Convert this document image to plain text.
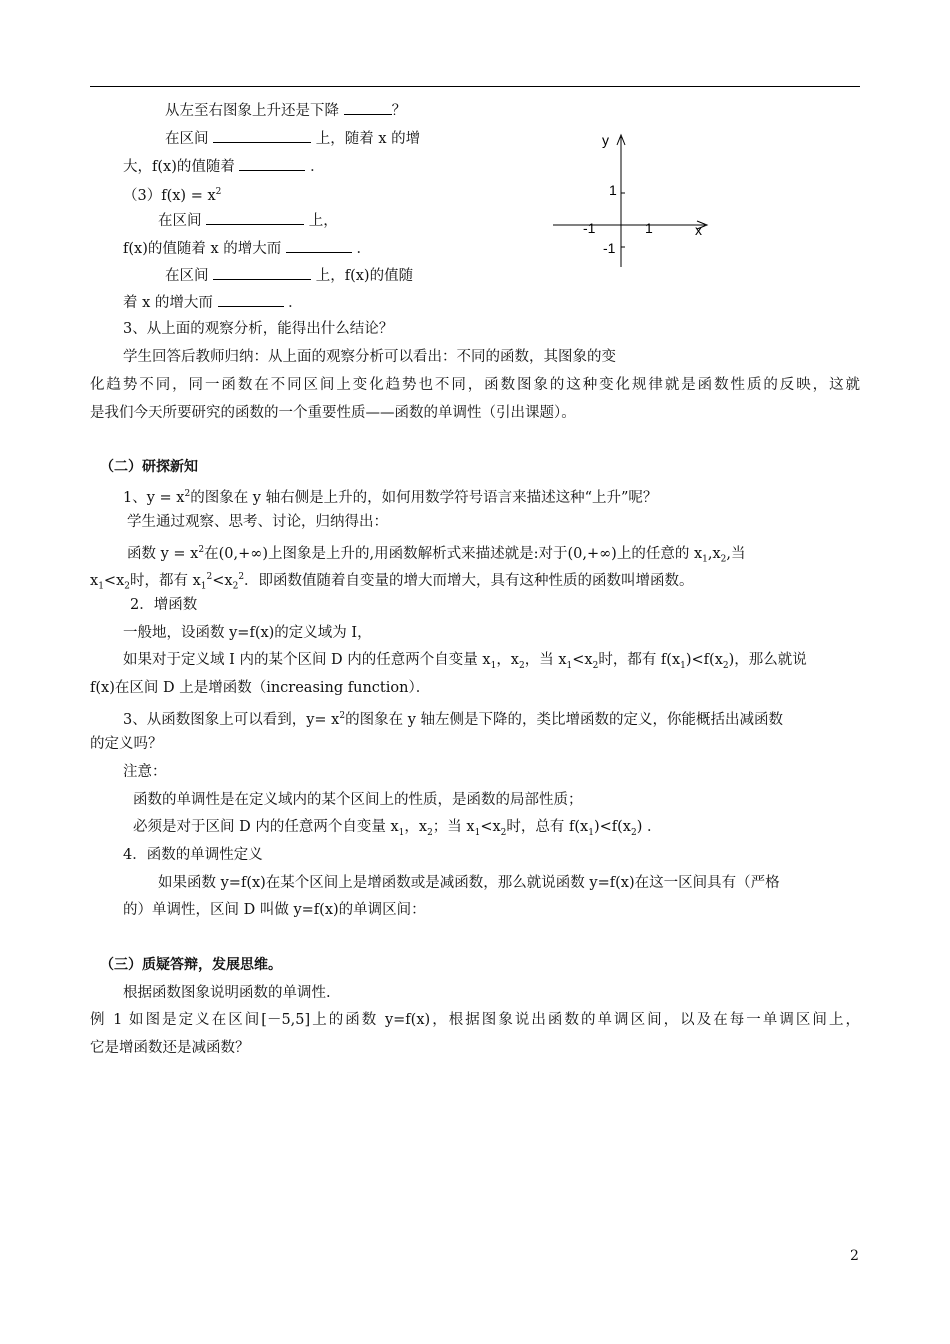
从左至右图象上升还是下降	？
在区间	上，随着 x 的增
大，f(x)的值随着	．
$(3)f(x) = x^2$
在区间	上，
f(x)的值随着 x 的增大而	．
在区间	上，f(x)的值随
着 x 的增大而	．
3、从上面的观察分析，能得出什么结论？
学生回答后教师归纳：从上面的观察分析可以看出：不同的函数，其图象的变
化趋势不同，同一函数在不同区间上变化趋势也不同，函数图象的这种变化规律就是函数性质的反映，这就
是我们今天所要研究的函数的一个重要性质——函数的单调性（引出课题）。
y
x
1
-1
-1	1
（二）研探新知
1、$y = x^2$的图象在 y 轴右侧是上升的，如何用数学符号语言来描述这种“上升”呢？
学生通过观察、思考、讨论，归纳得出：
函数 $y = x^2$在(0,+∞)上图象是上升的,用函数解析式来描述就是:对于(0,+∞)上的任意的 $x_1,x_2$,当
$x_1<x_2$时，都有 $x_1^2<x_2^2$．即函数值随着自变量的增大而增大，具有这种性质的函数叫增函数。
2．增函数
一般地，设函数 y=f(x)的定义域为 I，
如果对于定义域 I 内的某个区间 D 内的任意两个自变量 $x_1$，$x_2$，当 $x_1<x_2$时，都有 $f(x_1)<f(x_2)$，那么就说
f(x)在区间 D 上是增函数（increasing function）．
3、从函数图象上可以看到，$y= x^2$的图象在 y 轴左侧是下降的，类比增函数的定义，你能概括出减函数
的定义吗？
注意：
函数的单调性是在定义域内的某个区间上的性质，是函数的局部性质；
必须是对于区间 D 内的任意两个自变量 $x_1$，$x_2$；当 $x_1<x_2$时，总有 $f(x_1)<f(x_2)$ ．
4．函数的单调性定义
如果函数 y=f(x)在某个区间上是增函数或是减函数，那么就说函数 y=f(x)在这一区间具有（严格
的）单调性，区间 D 叫做 y=f(x)的单调区间：
（三）质疑答辩，发展思维。
根据函数图象说明函数的单调性.
例 1 如图是定义在区间[－5,5]上的函数 y=f(x)，根据图象说出函数的单调区间，以及在每一单调区间上，
它是增函数还是减函数？
2
